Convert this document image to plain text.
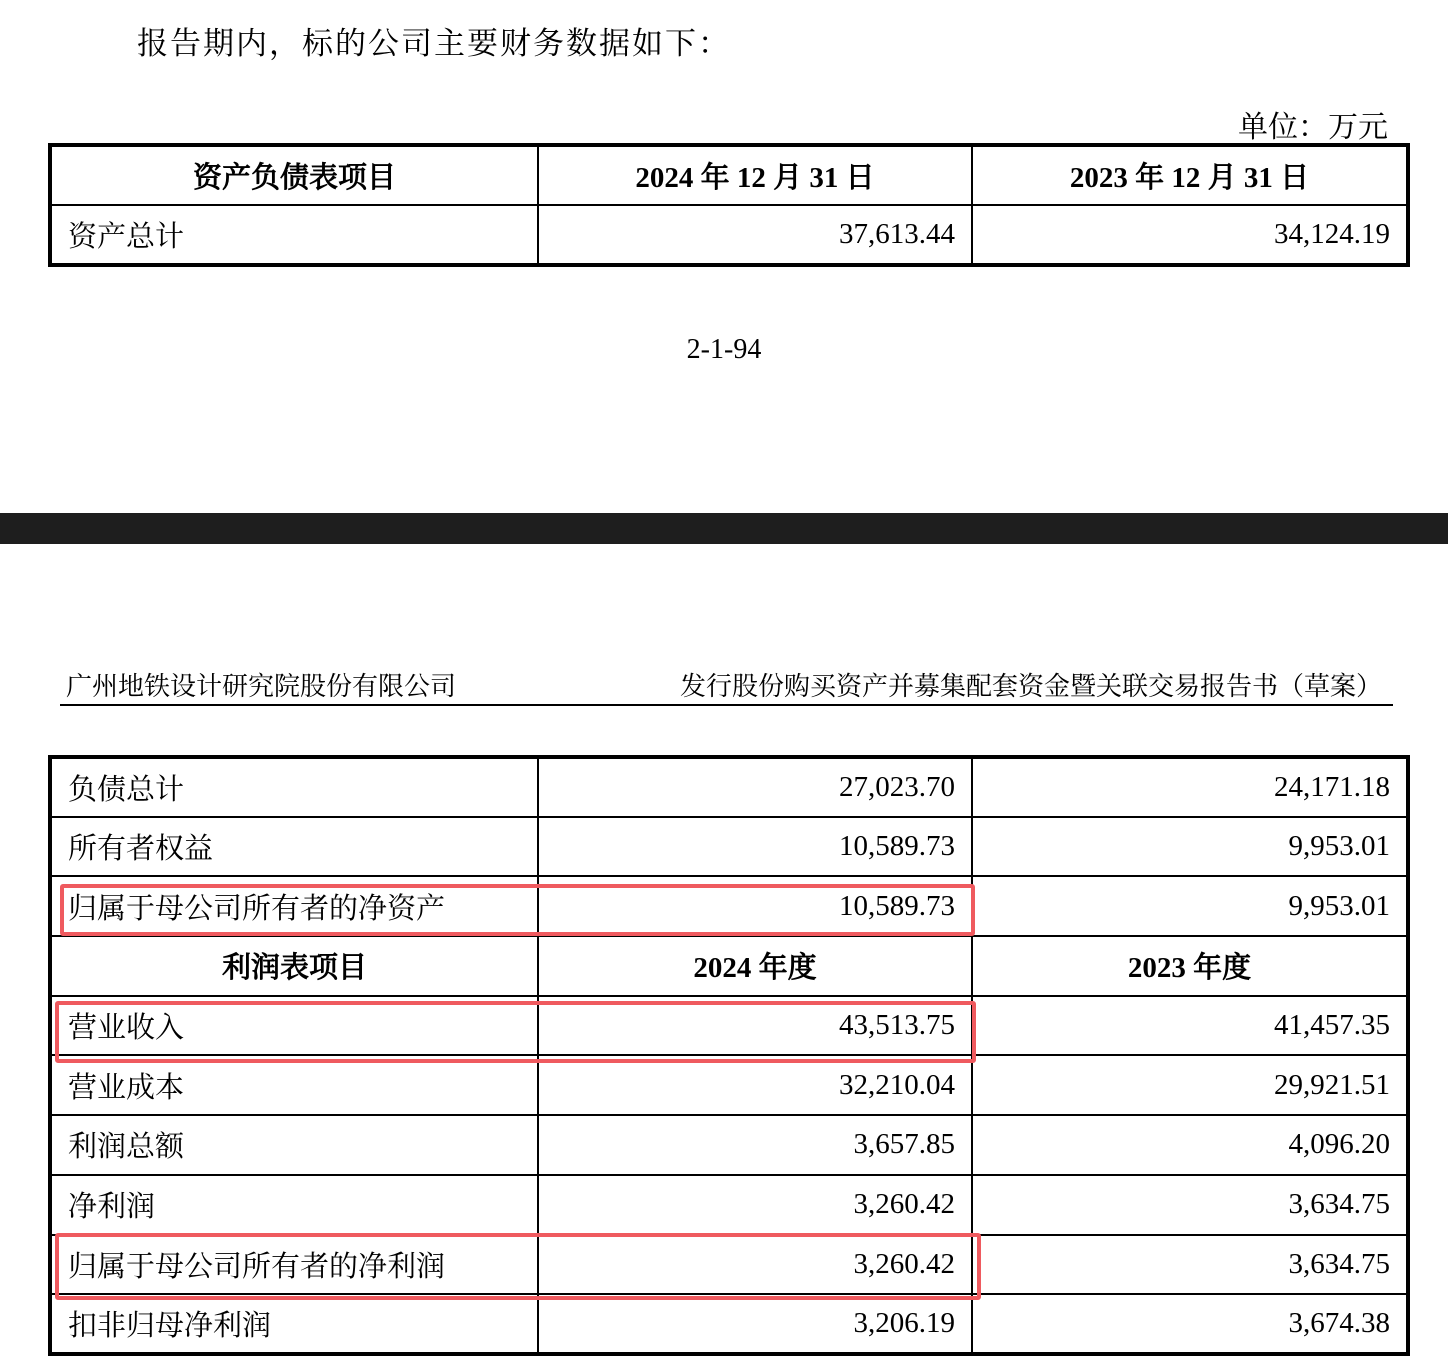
报告期内，标的公司主要财务数据如下：
单位：万元
资产负债表项目	2024 年 12 月 31 日	2023 年 12 月 31 日
资产总计	37,613.44	34,124.19
2-1-94
广州地铁设计研究院股份有限公司	发行股份购买资产并募集配套资金暨关联交易报告书（草案）
负债总计	27,023.70	24,171.18
所有者权益	10,589.73	9,953.01
归属于母公司所有者的净资产	10,589.73	9,953.01
利润表项目	2024 年度	2023 年度
营业收入	43,513.75	41,457.35
营业成本	32,210.04	29,921.51
利润总额	3,657.85	4,096.20
净利润	3,260.42	3,634.75
归属于母公司所有者的净利润	3,260.42	3,634.75
扣非归母净利润	3,206.19	3,674.38
